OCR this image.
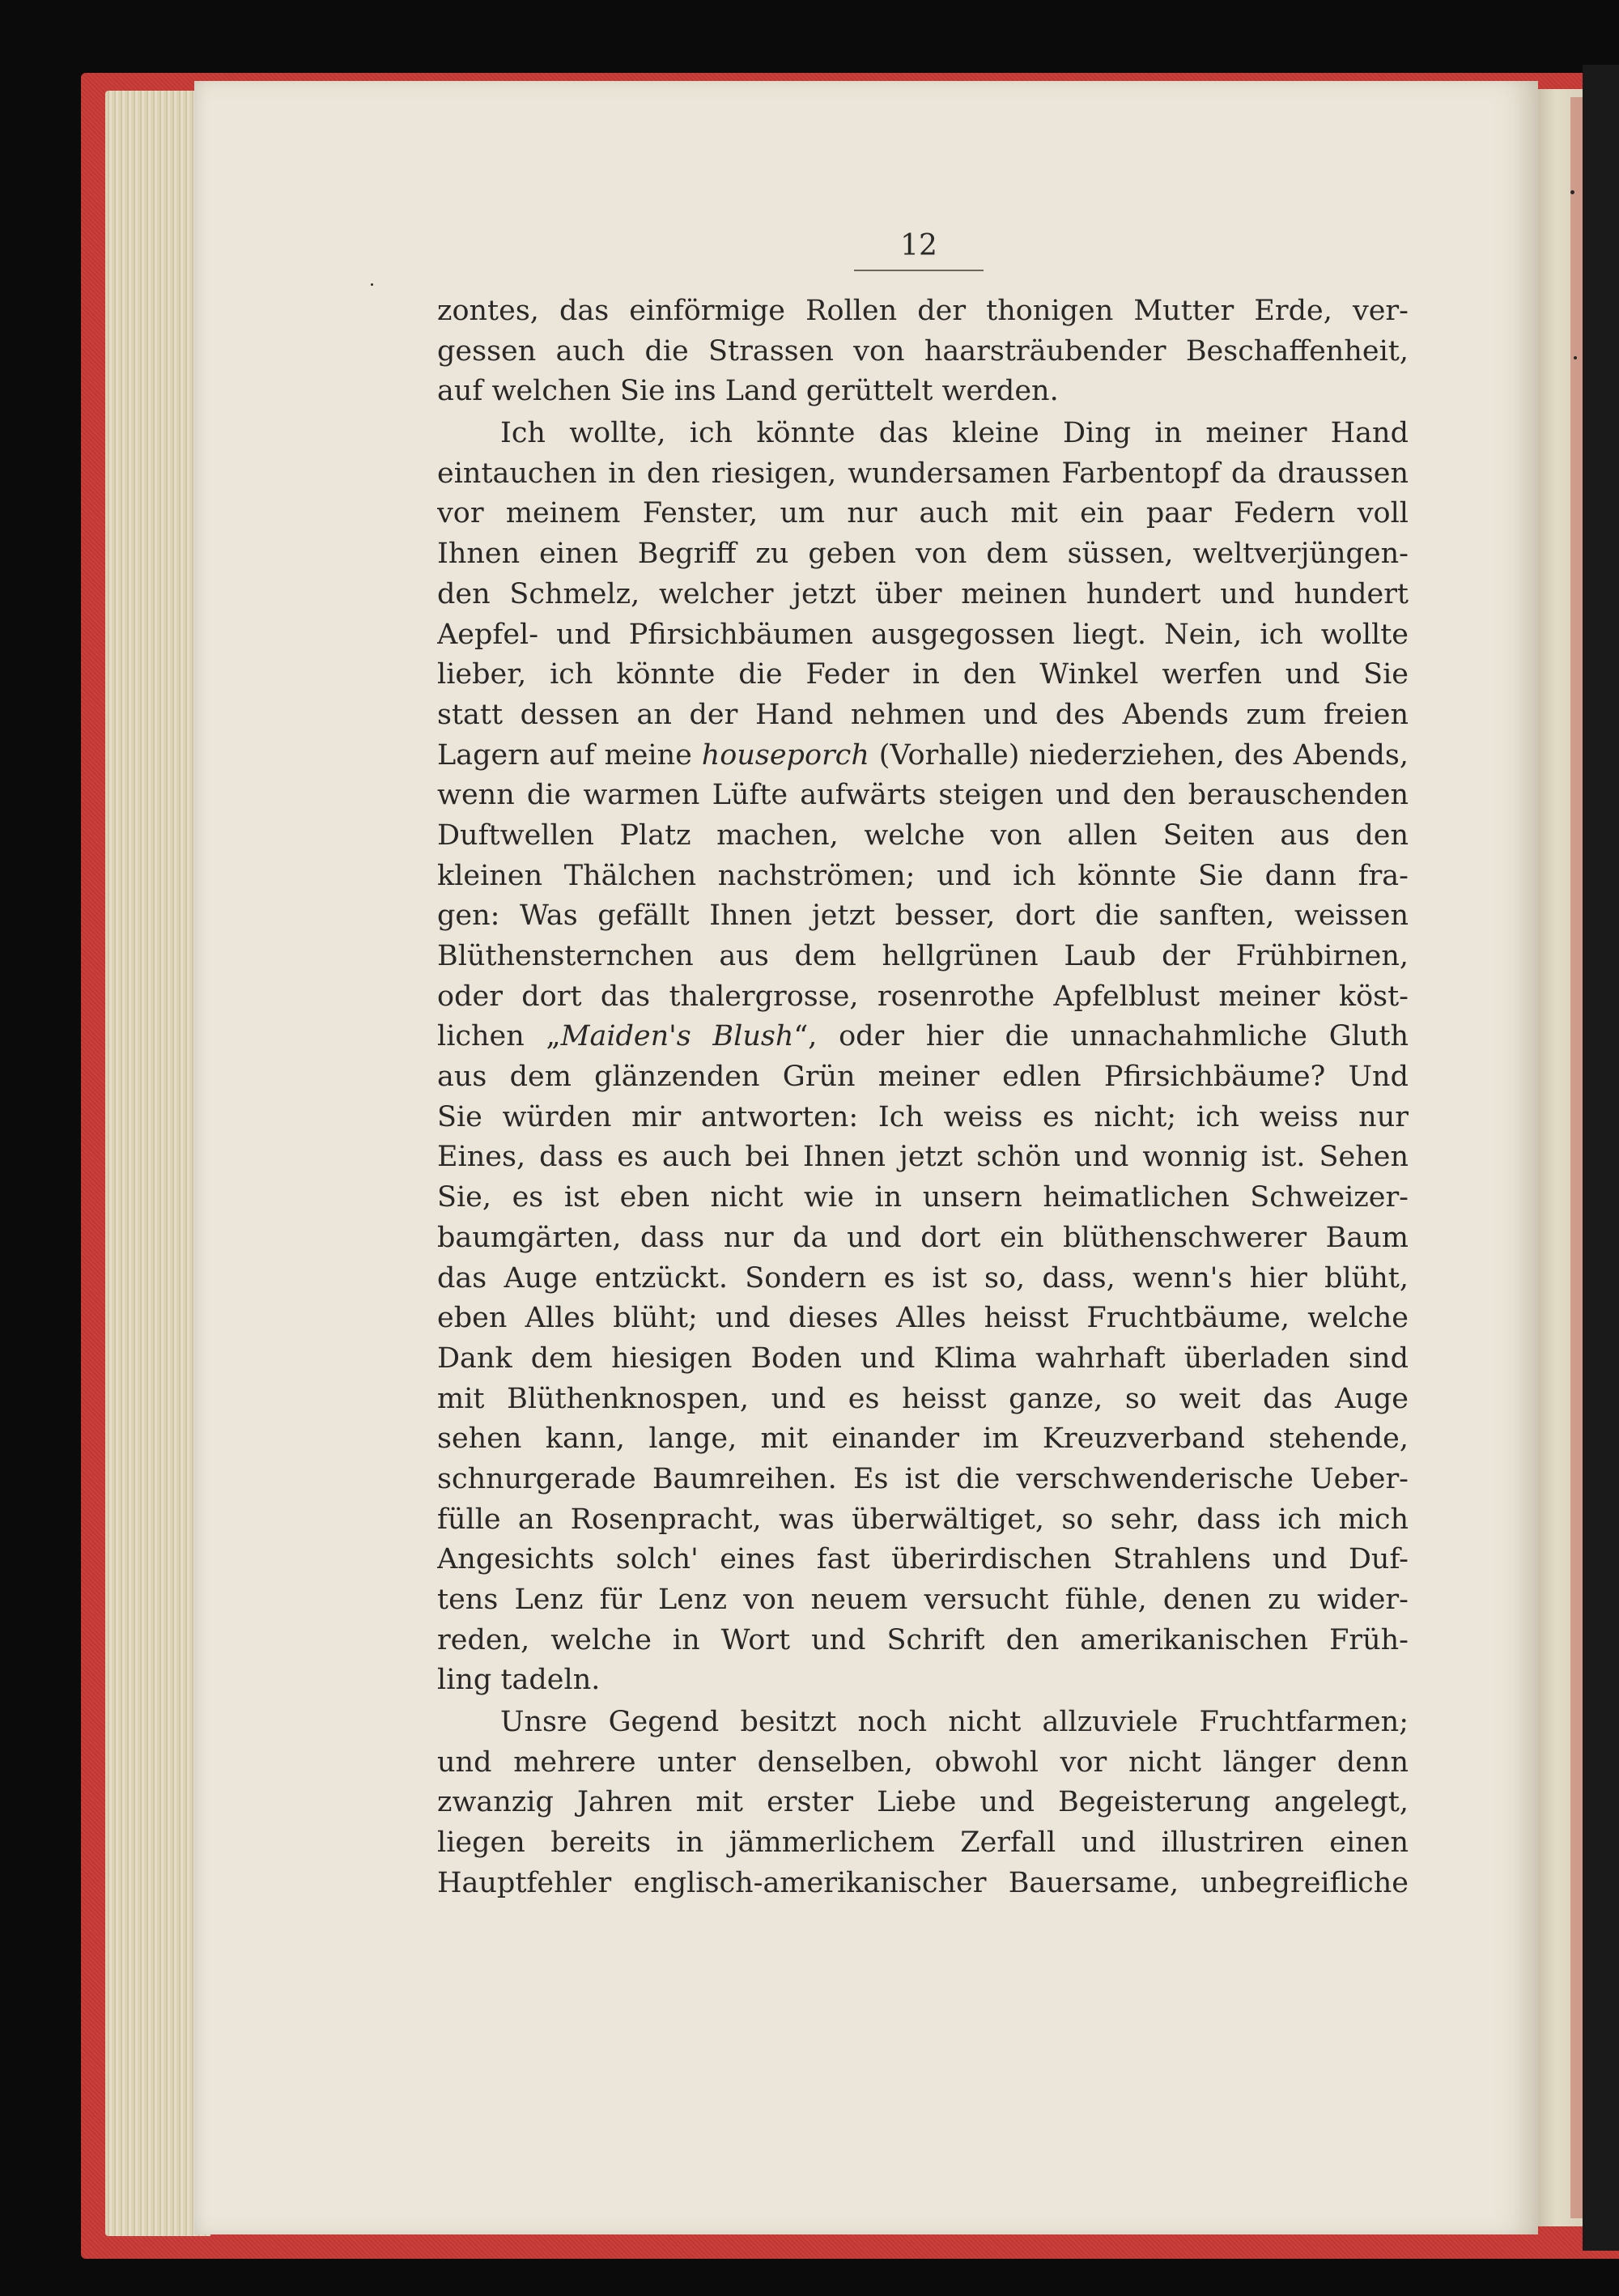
12
zontes, das einförmige Rollen der thonigen Mutter Erde, ver-
gessen auch die Strassen von haarsträubender Beschaffenheit,
auf welchen Sie ins Land gerüttelt werden.
Ich wollte, ich könnte das kleine Ding in meiner Hand
eintauchen in den riesigen, wundersamen Farbentopf da draussen
vor meinem Fenster, um nur auch mit ein paar Federn voll
Ihnen einen Begriff zu geben von dem süssen, weltverjüngen-
den Schmelz, welcher jetzt über meinen hundert und hundert
Aepfel- und Pfirsichbäumen ausgegossen liegt. Nein, ich wollte
lieber, ich könnte die Feder in den Winkel werfen und Sie
statt dessen an der Hand nehmen und des Abends zum freien
Lagern auf meine houseporch (Vorhalle) niederziehen, des Abends,
wenn die warmen Lüfte aufwärts steigen und den berauschenden
Duftwellen Platz machen, welche von allen Seiten aus den
kleinen Thälchen nachströmen; und ich könnte Sie dann fra-
gen: Was gefällt Ihnen jetzt besser, dort die sanften, weissen
Blüthensternchen aus dem hellgrünen Laub der Frühbirnen,
oder dort das thalergrosse, rosenrothe Apfelblust meiner köst-
lichen „Maiden's Blush“, oder hier die unnachahmliche Gluth
aus dem glänzenden Grün meiner edlen Pfirsichbäume? Und
Sie würden mir antworten: Ich weiss es nicht; ich weiss nur
Eines, dass es auch bei Ihnen jetzt schön und wonnig ist. Sehen
Sie, es ist eben nicht wie in unsern heimatlichen Schweizer-
baumgärten, dass nur da und dort ein blüthenschwerer Baum
das Auge entzückt. Sondern es ist so, dass, wenn's hier blüht,
eben Alles blüht; und dieses Alles heisst Fruchtbäume, welche
Dank dem hiesigen Boden und Klima wahrhaft überladen sind
mit Blüthenknospen, und es heisst ganze, so weit das Auge
sehen kann, lange, mit einander im Kreuzverband stehende,
schnurgerade Baumreihen. Es ist die verschwenderische Ueber-
fülle an Rosenpracht, was überwältiget, so sehr, dass ich mich
Angesichts solch' eines fast überirdischen Strahlens und Duf-
tens Lenz für Lenz von neuem versucht fühle, denen zu wider-
reden, welche in Wort und Schrift den amerikanischen Früh-
ling tadeln.
Unsre Gegend besitzt noch nicht allzuviele Fruchtfarmen;
und mehrere unter denselben, obwohl vor nicht länger denn
zwanzig Jahren mit erster Liebe und Begeisterung angelegt,
liegen bereits in jämmerlichem Zerfall und illustriren einen
Hauptfehler englisch-amerikanischer Bauersame, unbegreifliche
